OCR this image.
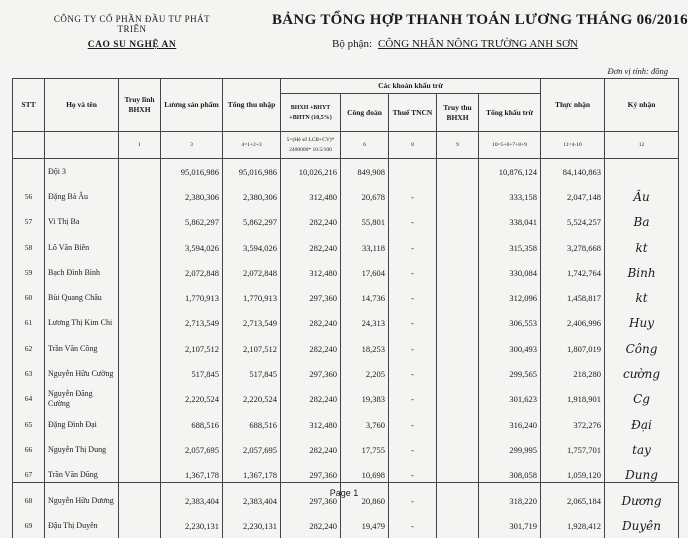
CÔNG TY CỔ PHẦN ĐẦU TƯ PHÁT TRIỂN
CAO SU NGHỆ AN
BẢNG TỔNG HỢP THANH TOÁN LƯƠNG THÁNG 06/2016
Bộ phận: CÔNG NHÂN NÔNG TRƯỜNG ANH SƠN
Đơn vị tính: đồng
STT	Họ và tên	Truy lĩnh BHXH	Lương sản phẩm	Tổng thu nhập	Các khoản khấu trừ					Thực nhận	Ký nhận
					BHXH +BHYT +BHTN (10,5%)	Công đoàn	Thuế TNCN	Truy thu BHXH	Tổng khấu trừ		
		1	3	4=1+2+3	5=(Hệ số LCB+CV)* 2400000* 10.5/100	6	8	9	10=5+6+7+8+9	11=4-10	12
	Đội 3		95,016,986	95,016,986	10,026,216	849,908			10,876,124	84,140,863	
56	Đặng Bá Âu		2,380,306	2,380,306	312,480	20,678	-		333,158	2,047,148	Âu
57	Vi Thị Ba		5,862,297	5,862,297	282,240	55,801	-		338,041	5,524,257	Ba
58	Lô Văn Biên		3,594,026	3,594,026	282,240	33,118	-		315,358	3,278,668	kt
59	Bạch Đình Bình		2,072,848	2,072,848	312,480	17,604	-		330,084	1,742,764	Binh
60	Bùi Quang Châu		1,770,913	1,770,913	297,360	14,736	-		312,096	1,458,817	kt
61	Lương Thị Kim Chi		2,713,549	2,713,549	282,240	24,313	-		306,553	2,406,996	Huy
62	Trần Văn Công		2,107,512	2,107,512	282,240	18,253	-		300,493	1,807,019	Công
63	Nguyễn Hữu Cường		517,845	517,845	297,360	2,205	-		299,565	218,280	cường
64	Nguyễn Đăng Cường		2,220,524	2,220,524	282,240	19,383	-		301,623	1,918,901	Cg
65	Đặng Đình Đại		688,516	688,516	312,480	3,760	-		316,240	372,276	Đại
66	Nguyễn Thị Dung		2,057,695	2,057,695	282,240	17,755	-		299,995	1,757,701	tay
67	Trần Văn Dũng		1,367,178	1,367,178	297,360	10,698	-		308,058	1,059,120	Dung
68	Nguyễn Hữu Dương		2,383,404	2,383,404	297,360	20,860	-		318,220	2,065,184	Dương
69	Đậu Thị Duyên		2,230,131	2,230,131	282,240	19,479	-		301,719	1,928,412	Duyên
Page 1
